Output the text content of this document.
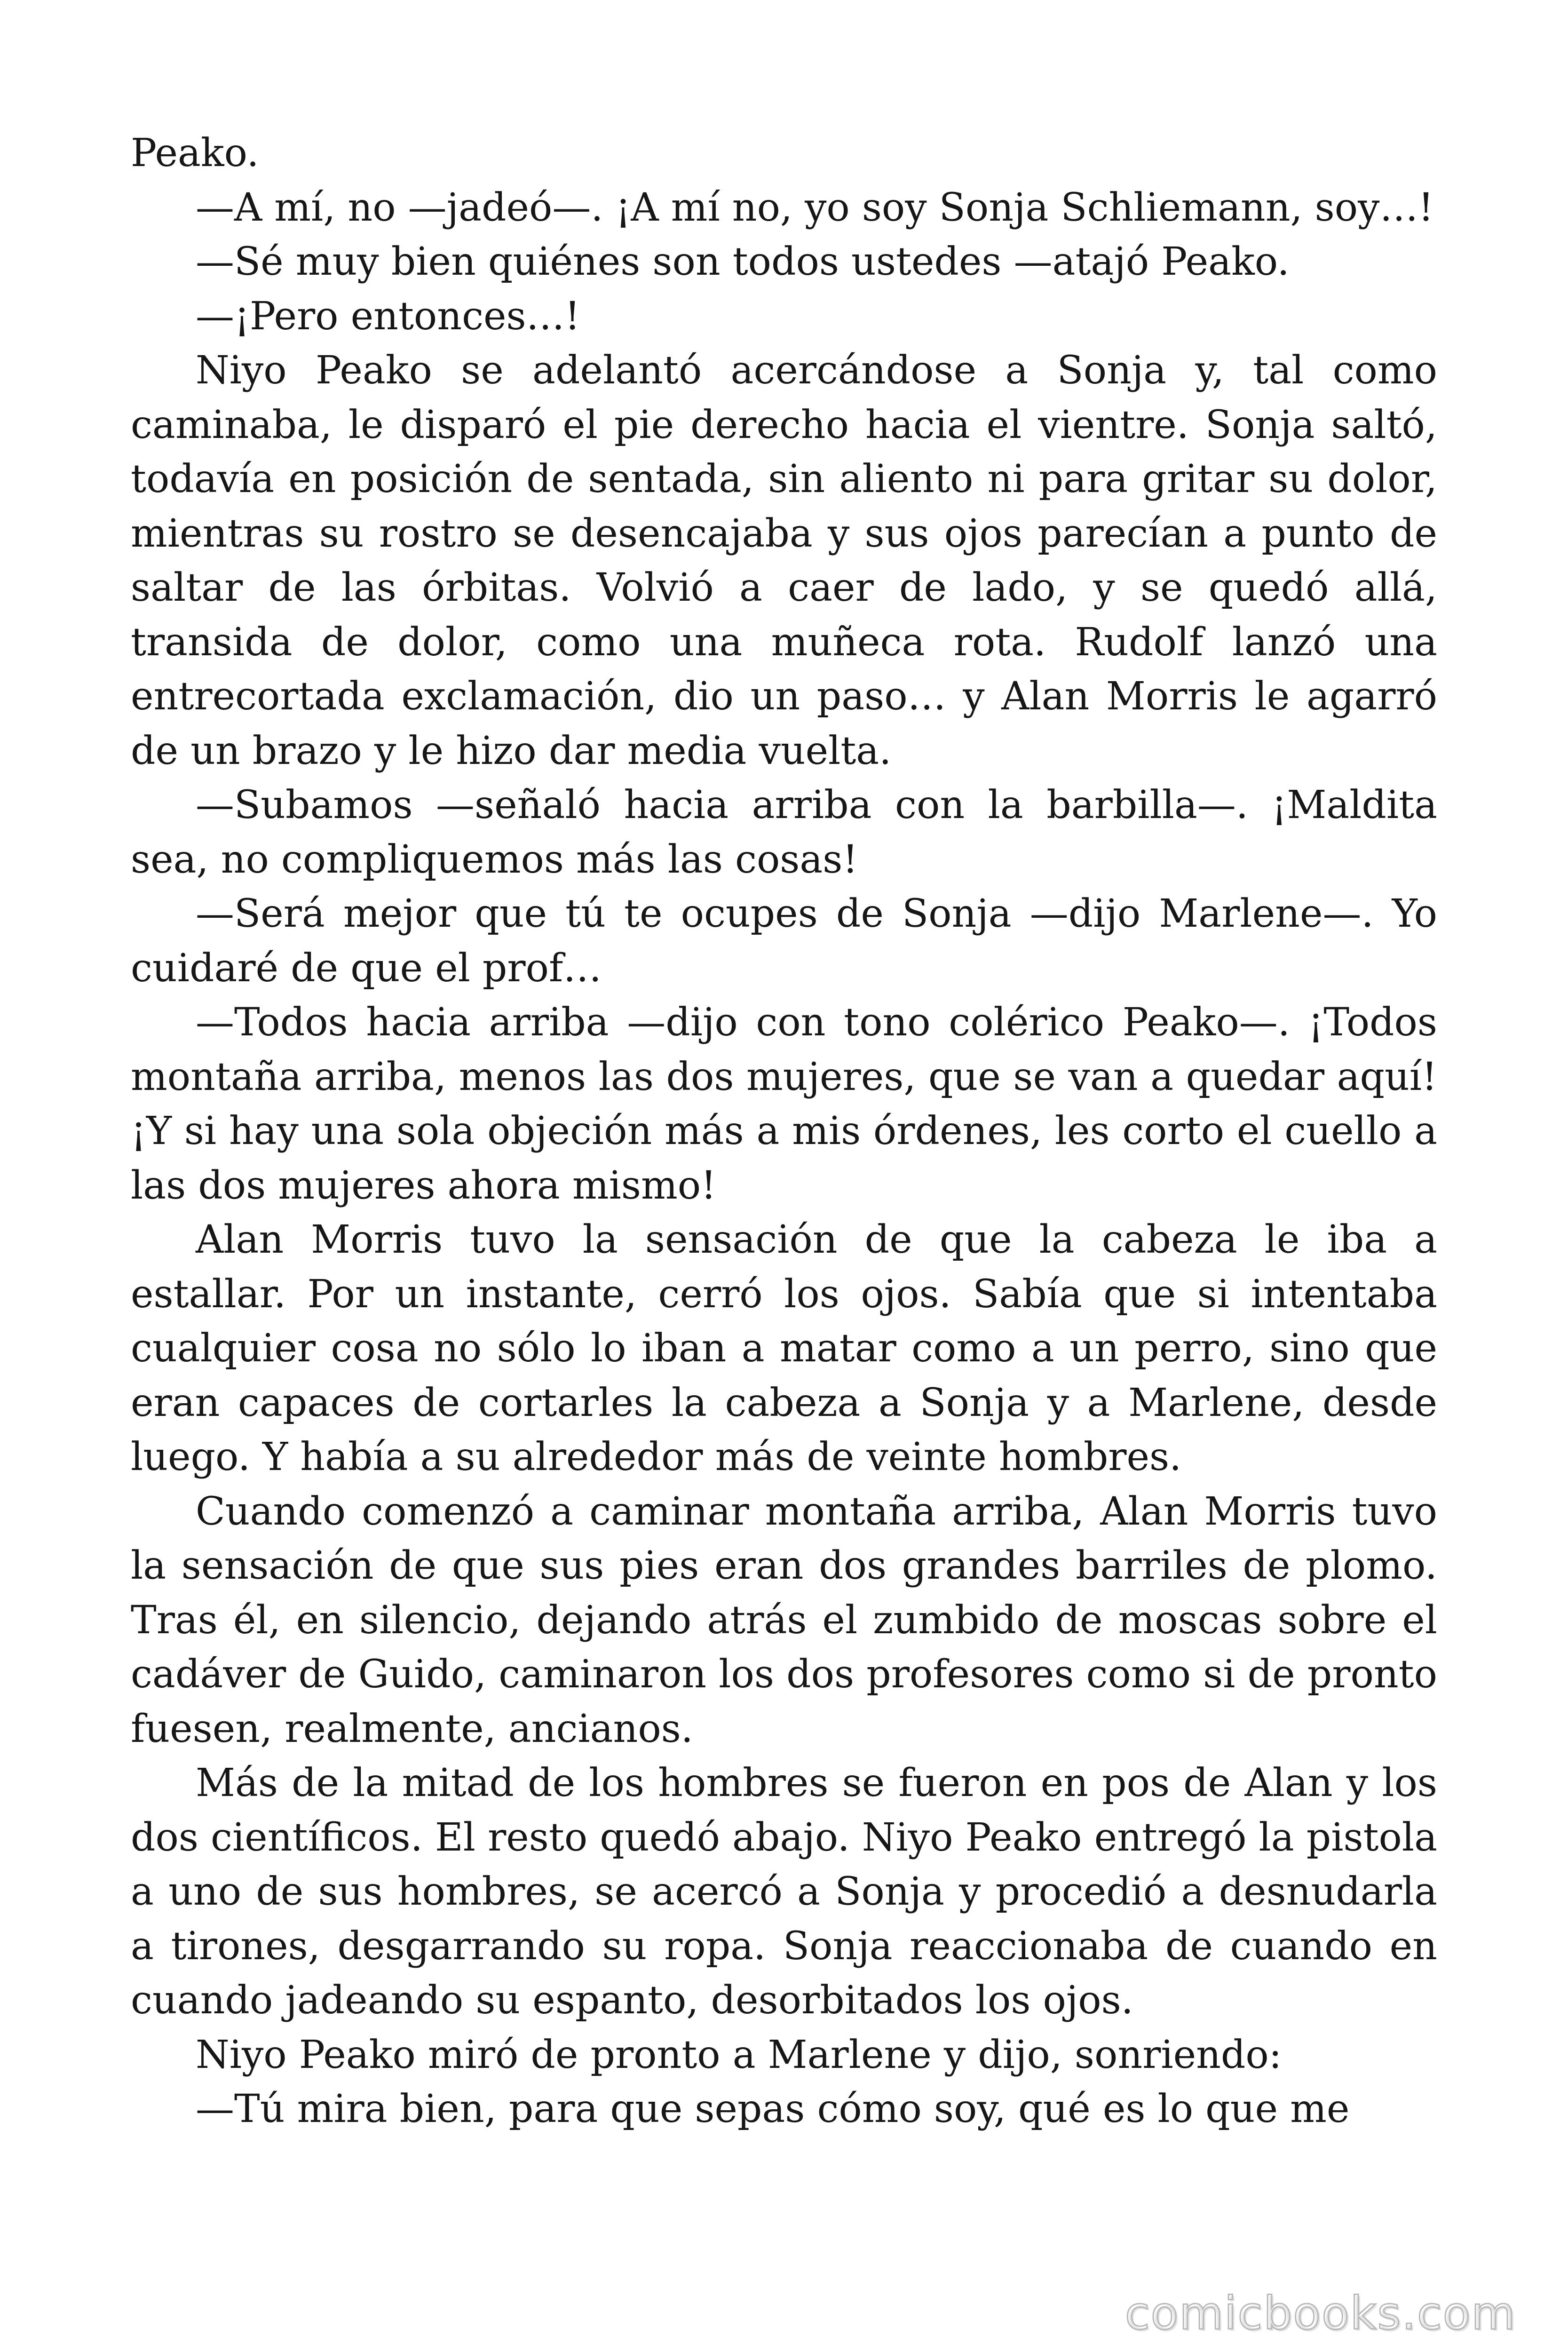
Peako.

—A mí, no —jadeó—. ¡A mí no, yo soy Sonja Schliemann, soy…!

—Sé muy bien quiénes son todos ustedes —atajó Peako.

—¡Pero entonces…!

Niyo Peako se adelantó acercándose a Sonja y, tal como caminaba, le disparó el pie derecho hacia el vientre. Sonja saltó, todavía en posición de sentada, sin aliento ni para gritar su dolor, mientras su rostro se desencajaba y sus ojos parecían a punto de saltar de las órbitas. Volvió a caer de lado, y se quedó allá, transida de dolor, como una muñeca rota. Rudolf lanzó una entrecortada exclamación, dio un paso… y Alan Morris le agarró de un brazo y le hizo dar media vuelta.

—Subamos —señaló hacia arriba con la barbilla—. ¡Maldita sea, no compliquemos más las cosas!

—Será mejor que tú te ocupes de Sonja —dijo Marlene—. Yo cuidaré de que el prof…

—Todos hacia arriba —dijo con tono colérico Peako—. ¡Todos montaña arriba, menos las dos mujeres, que se van a quedar aquí! ¡Y si hay una sola objeción más a mis órdenes, les corto el cuello a las dos mujeres ahora mismo!

Alan Morris tuvo la sensación de que la cabeza le iba a estallar. Por un instante, cerró los ojos. Sabía que si intentaba cualquier cosa no sólo lo iban a matar como a un perro, sino que eran capaces de cortarles la cabeza a Sonja y a Marlene, desde luego. Y había a su alrededor más de veinte hombres.

Cuando comenzó a caminar montaña arriba, Alan Morris tuvo la sensación de que sus pies eran dos grandes barriles de plomo. Tras él, en silencio, dejando atrás el zumbido de moscas sobre el cadáver de Guido, caminaron los dos profesores como si de pronto fuesen, realmente, ancianos.

Más de la mitad de los hombres se fueron en pos de Alan y los dos científicos. El resto quedó abajo. Niyo Peako entregó la pistola a uno de sus hombres, se acercó a Sonja y procedió a desnudarla a tirones, desgarrando su ropa. Sonja reaccionaba de cuando en cuando jadeando su espanto, desorbitados los ojos.

Niyo Peako miró de pronto a Marlene y dijo, sonriendo:

—Tú mira bien, para que sepas cómo soy, qué es lo que me

comicbooks.com
